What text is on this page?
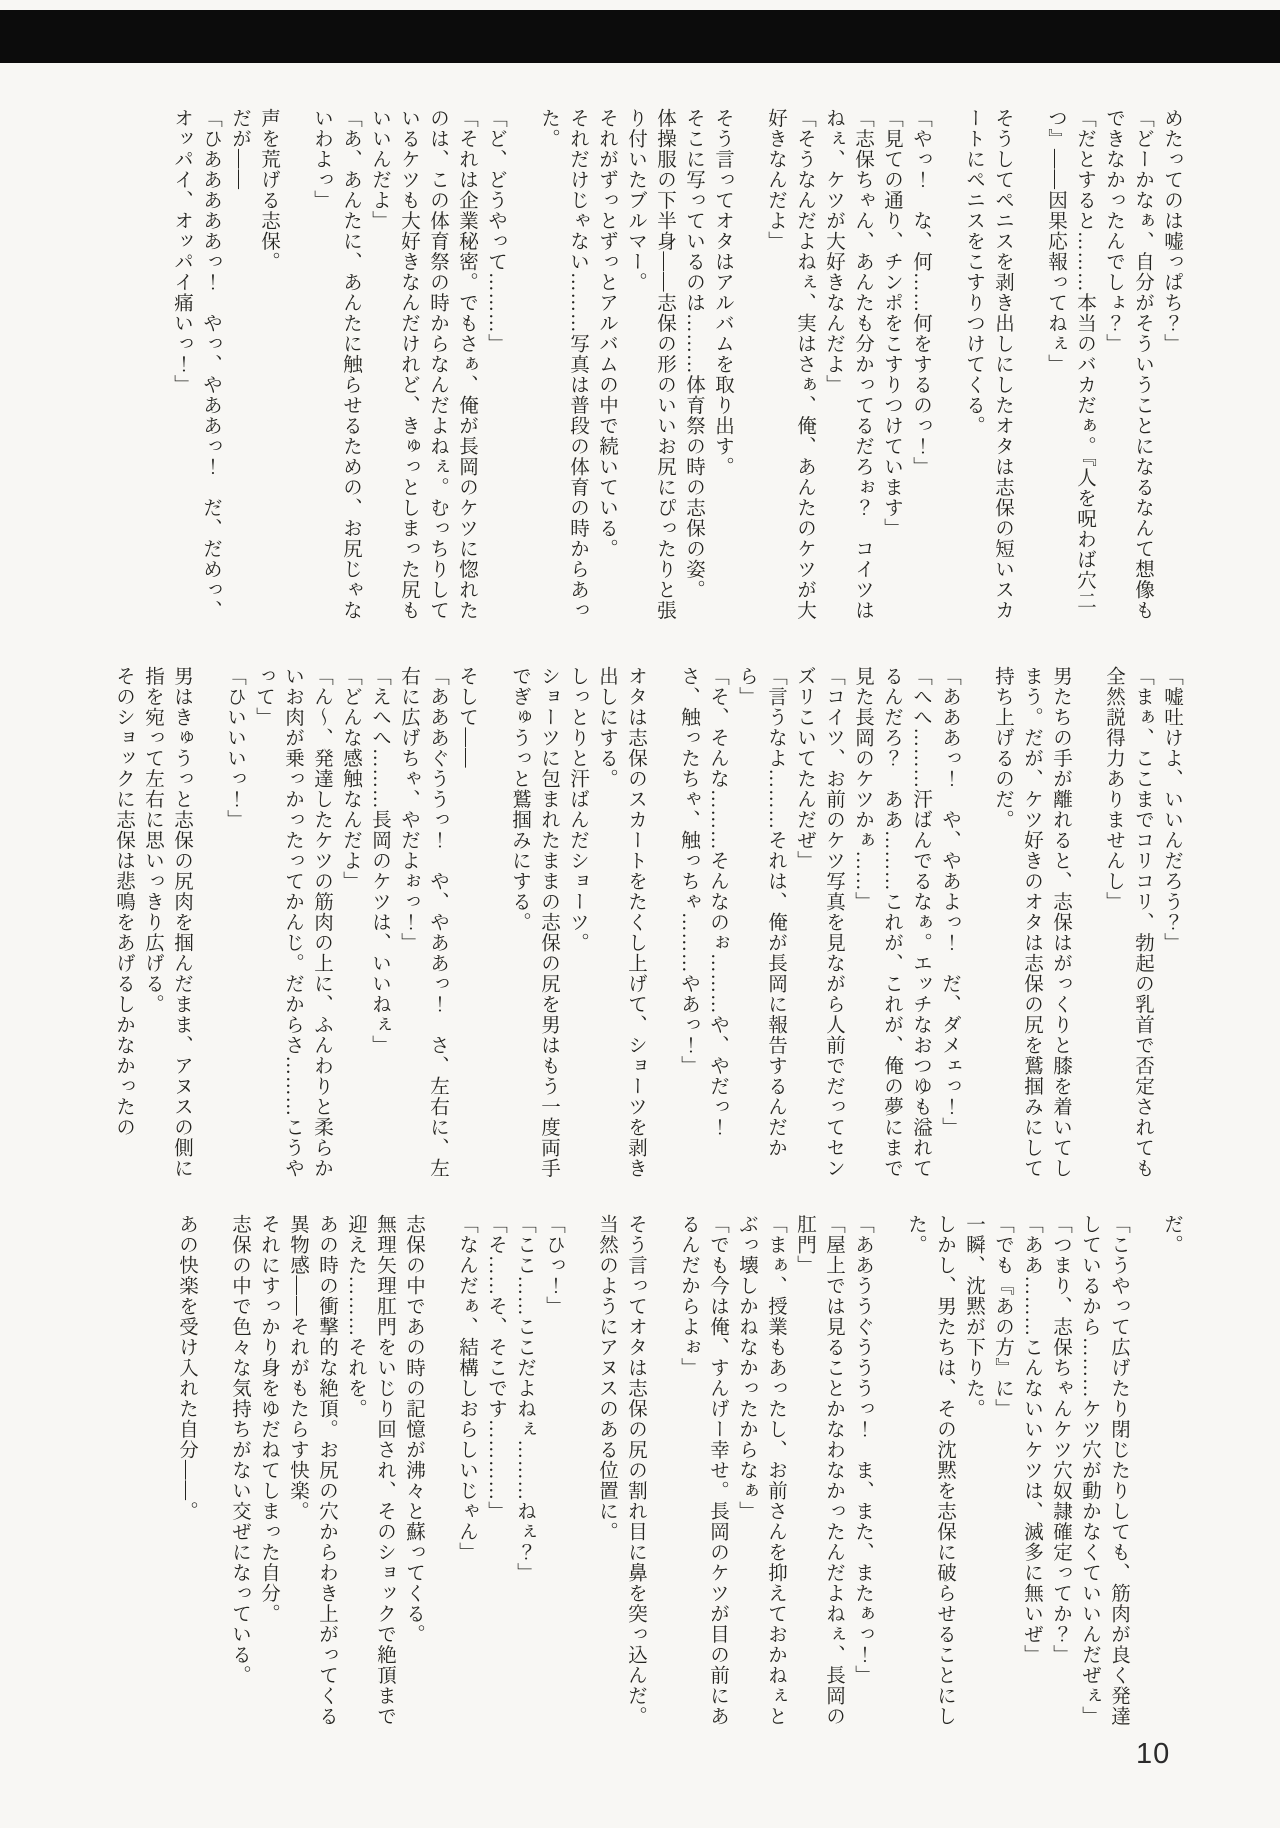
めたってのは嘘っぱち？」

「どーかなぁ、自分がそういうことになるなんて想像もできなかったんでしょ？」

「だとすると………本当のバカだぁ。『人を呪わば穴二つ』――因果応報ってねぇ」

そうしてペニスを剥き出しにしたオタは志保の短いスカートにペニスをこすりつけてくる。

「やっ！　な、何……何をするのっ！」

「見ての通り、チンポをこすりつけています」

「志保ちゃん、あんたも分かってるだろぉ？　コイツはねぇ、ケツが大好きなんだよ」

「そうなんだよねぇ、実はさぁ、俺、あんたのケツが大好きなんだよ」

そう言ってオタはアルバムを取り出す。

そこに写っているのは………体育祭の時の志保の姿。

体操服の下半身――志保の形のいいお尻にぴったりと張り付いたブルマー。

それがずっとずっとアルバムの中で続いている。

それだけじゃない………写真は普段の体育の時からあった。

「ど、どうやって………」

「それは企業秘密。でもさぁ、俺が長岡のケツに惚れたのは、この体育祭の時からなんだよねぇ。むっちりしているケツも大好きなんだけれど、きゅっとしまった尻もいいんだよ」

「あ、あんたに、あんたに触らせるための、お尻じゃないわよっ」

声を荒げる志保。

だが――

「ひあああああっ！　やっ、やああっ！　だ、だめっ、オッパイ、オッパイ痛いっ！」

「嘘吐けよ、いいんだろう？」

「まぁ、ここまでコリコリ、勃起の乳首で否定されても全然説得力ありませんし」

男たちの手が離れると、志保はがっくりと膝を着いてしまう。だが、ケツ好きのオタは志保の尻を鷲掴みにして持ち上げるのだ。

「あああっ！　や、やあよっ！　だ、ダメェっ！」

「へへ………汗ばんでるなぁ。エッチなおつゆも溢れてるんだろ？　ああ………これが、これが、俺の夢にまで見た長岡のケツかぁ……」

「コイツ、お前のケツ写真を見ながら人前でだってセンズリこいてたんだぜ」

「言うなよ………それは、俺が長岡に報告するんだから」

「そ、そんな………そんなのぉ………や、やだっ！　さ、触ったちゃ、触っちゃ………やあっ！」

オタは志保のスカートをたくし上げて、ショーツを剥き出しにする。

しっとりと汗ばんだショーツ。

ショーツに包まれたままの志保の尻を男はもう一度両手でぎゅうっと鷲掴みにする。

そして――

「あああぐううっ！　や、やああっ！　さ、左右に、左右に広げちゃ、やだよぉっ！」

「えへへ………長岡のケツは、いいねぇ」

「どんな感触なんだよ」

「ん～、発達したケツの筋肉の上に、ふんわりと柔らかいお肉が乗っかったってかんじ。だからさ………こうやって」

「ひいいいっ！」

男はきゅうっと志保の尻肉を掴んだまま、アヌスの側に指を宛って左右に思いっきり広げる。

そのショックに志保は悲鳴をあげるしかなかったの

だ。

「こうやって広げたり閉じたりしても、筋肉が良く発達しているから………ケツ穴が動かなくていいんだぜぇ」

「つまり、志保ちゃんケツ穴奴隷確定ってか？」

「ああ………こんないいケツは、滅多に無いぜ」

「でも『あの方』に」

一瞬、沈黙が下りた。

しかし、男たちは、その沈黙を志保に破らせることにした。

「ああううぐうううっ！　ま、また、またぁっ！」

「屋上では見ることかなわなかったんだよねぇ、長岡の肛門」

「まぁ、授業もあったし、お前さんを抑えておかねぇとぶっ壊しかねなかったからなぁ」

「でも今は俺、すんげー幸せ。長岡のケツが目の前にあるんだからよぉ」

そう言ってオタは志保の尻の割れ目に鼻を突っ込んだ。当然のようにアヌスのある位置に。

「ひっ！」

「ここ……ここだよねぇ………ねぇ？」

「そ……そ、そこです…………」

「なんだぁ、結構しおらしいじゃん」

志保の中であの時の記憶が沸々と蘇ってくる。

無理矢理肛門をいじり回され、そのショックで絶頂まで迎えた………それを。

あの時の衝撃的な絶頂。お尻の穴からわき上がってくる異物感――それがもたらす快楽。

それにすっかり身をゆだねてしまった自分。

志保の中で色々な気持ちがない交ぜになっている。

あの快楽を受け入れた自分――。

10
